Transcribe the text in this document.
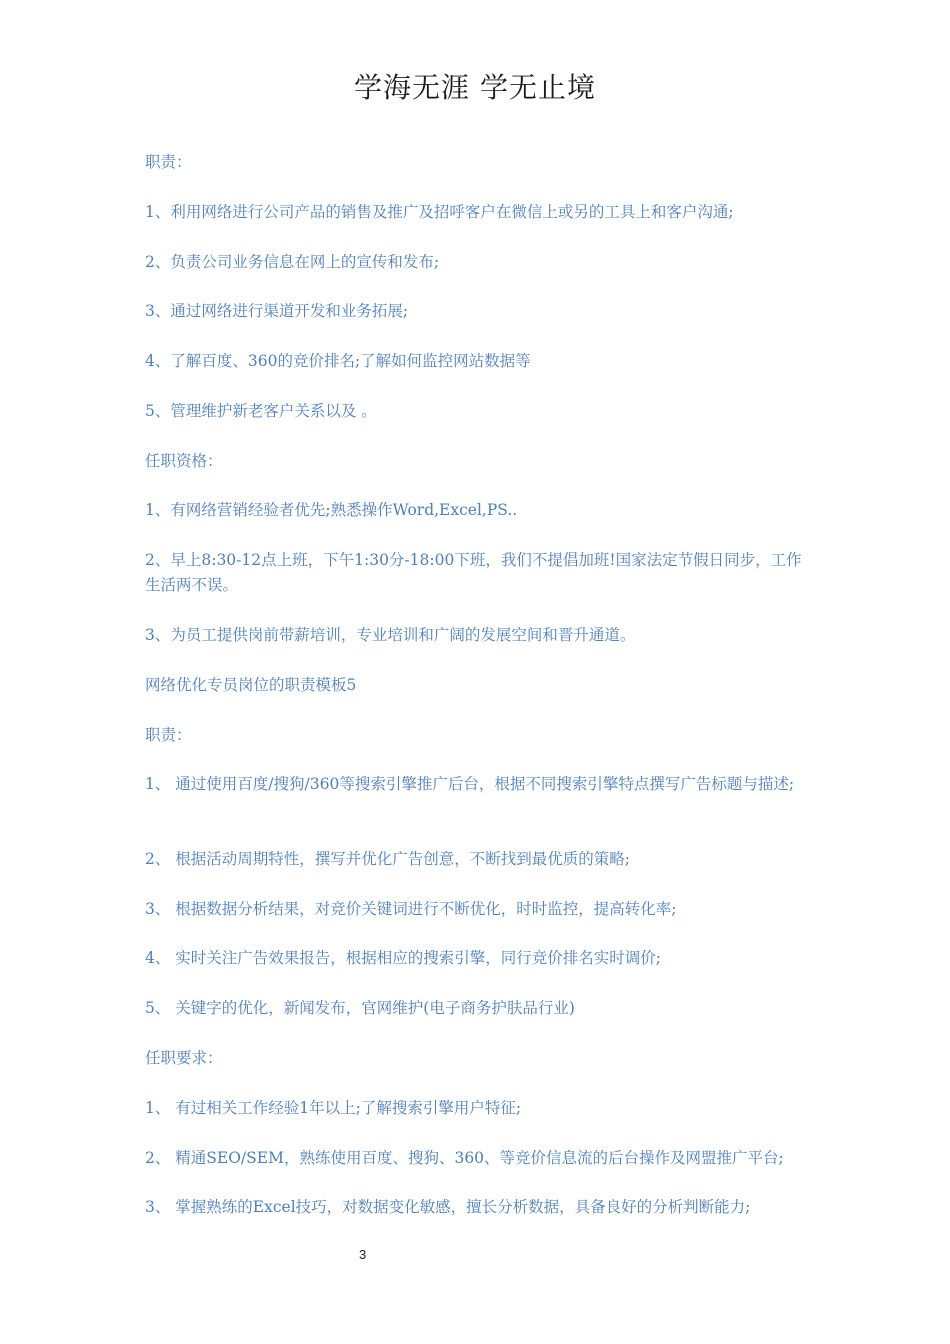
学海无涯 学无止境
职责：
1、利用网络进行公司产品的销售及推广及招呼客户在微信上或另的工具上和客户沟通;
2、负责公司业务信息在网上的宣传和发布;
3、通过网络进行渠道开发和业务拓展;
4、了解百度、360的竞价排名;了解如何监控网站数据等
5、管理维护新老客户关系以及 。
任职资格：
1、有网络营销经验者优先;熟悉操作Word,Excel,PS..
2、早上8:30-12点上班，下午1:30分-18:00下班，我们不提倡加班!国家法定节假日同步，工作生活两不误。
3、为员工提供岗前带薪培训，专业培训和广阔的发展空间和晋升通道。
网络优化专员岗位的职责模板5
职责：
1、 通过使用百度/搜狗/360等搜索引擎推广后台，根据不同搜索引擎特点撰写广告标题与描述;
2、 根据活动周期特性，撰写并优化广告创意，不断找到最优质的策略;
3、 根据数据分析结果，对竞价关键词进行不断优化，时时监控，提高转化率;
4、 实时关注广告效果报告，根据相应的搜索引擎，同行竞价排名实时调价;
5、 关键字的优化，新闻发布，官网维护(电子商务护肤品行业)
任职要求：
1、 有过相关工作经验1年以上;了解搜索引擎用户特征;
2、 精通SEO/SEM，熟练使用百度、搜狗、360、等竞价信息流的后台操作及网盟推广平台;
3、 掌握熟练的Excel技巧，对数据变化敏感，擅长分析数据，具备良好的分析判断能力;
3
